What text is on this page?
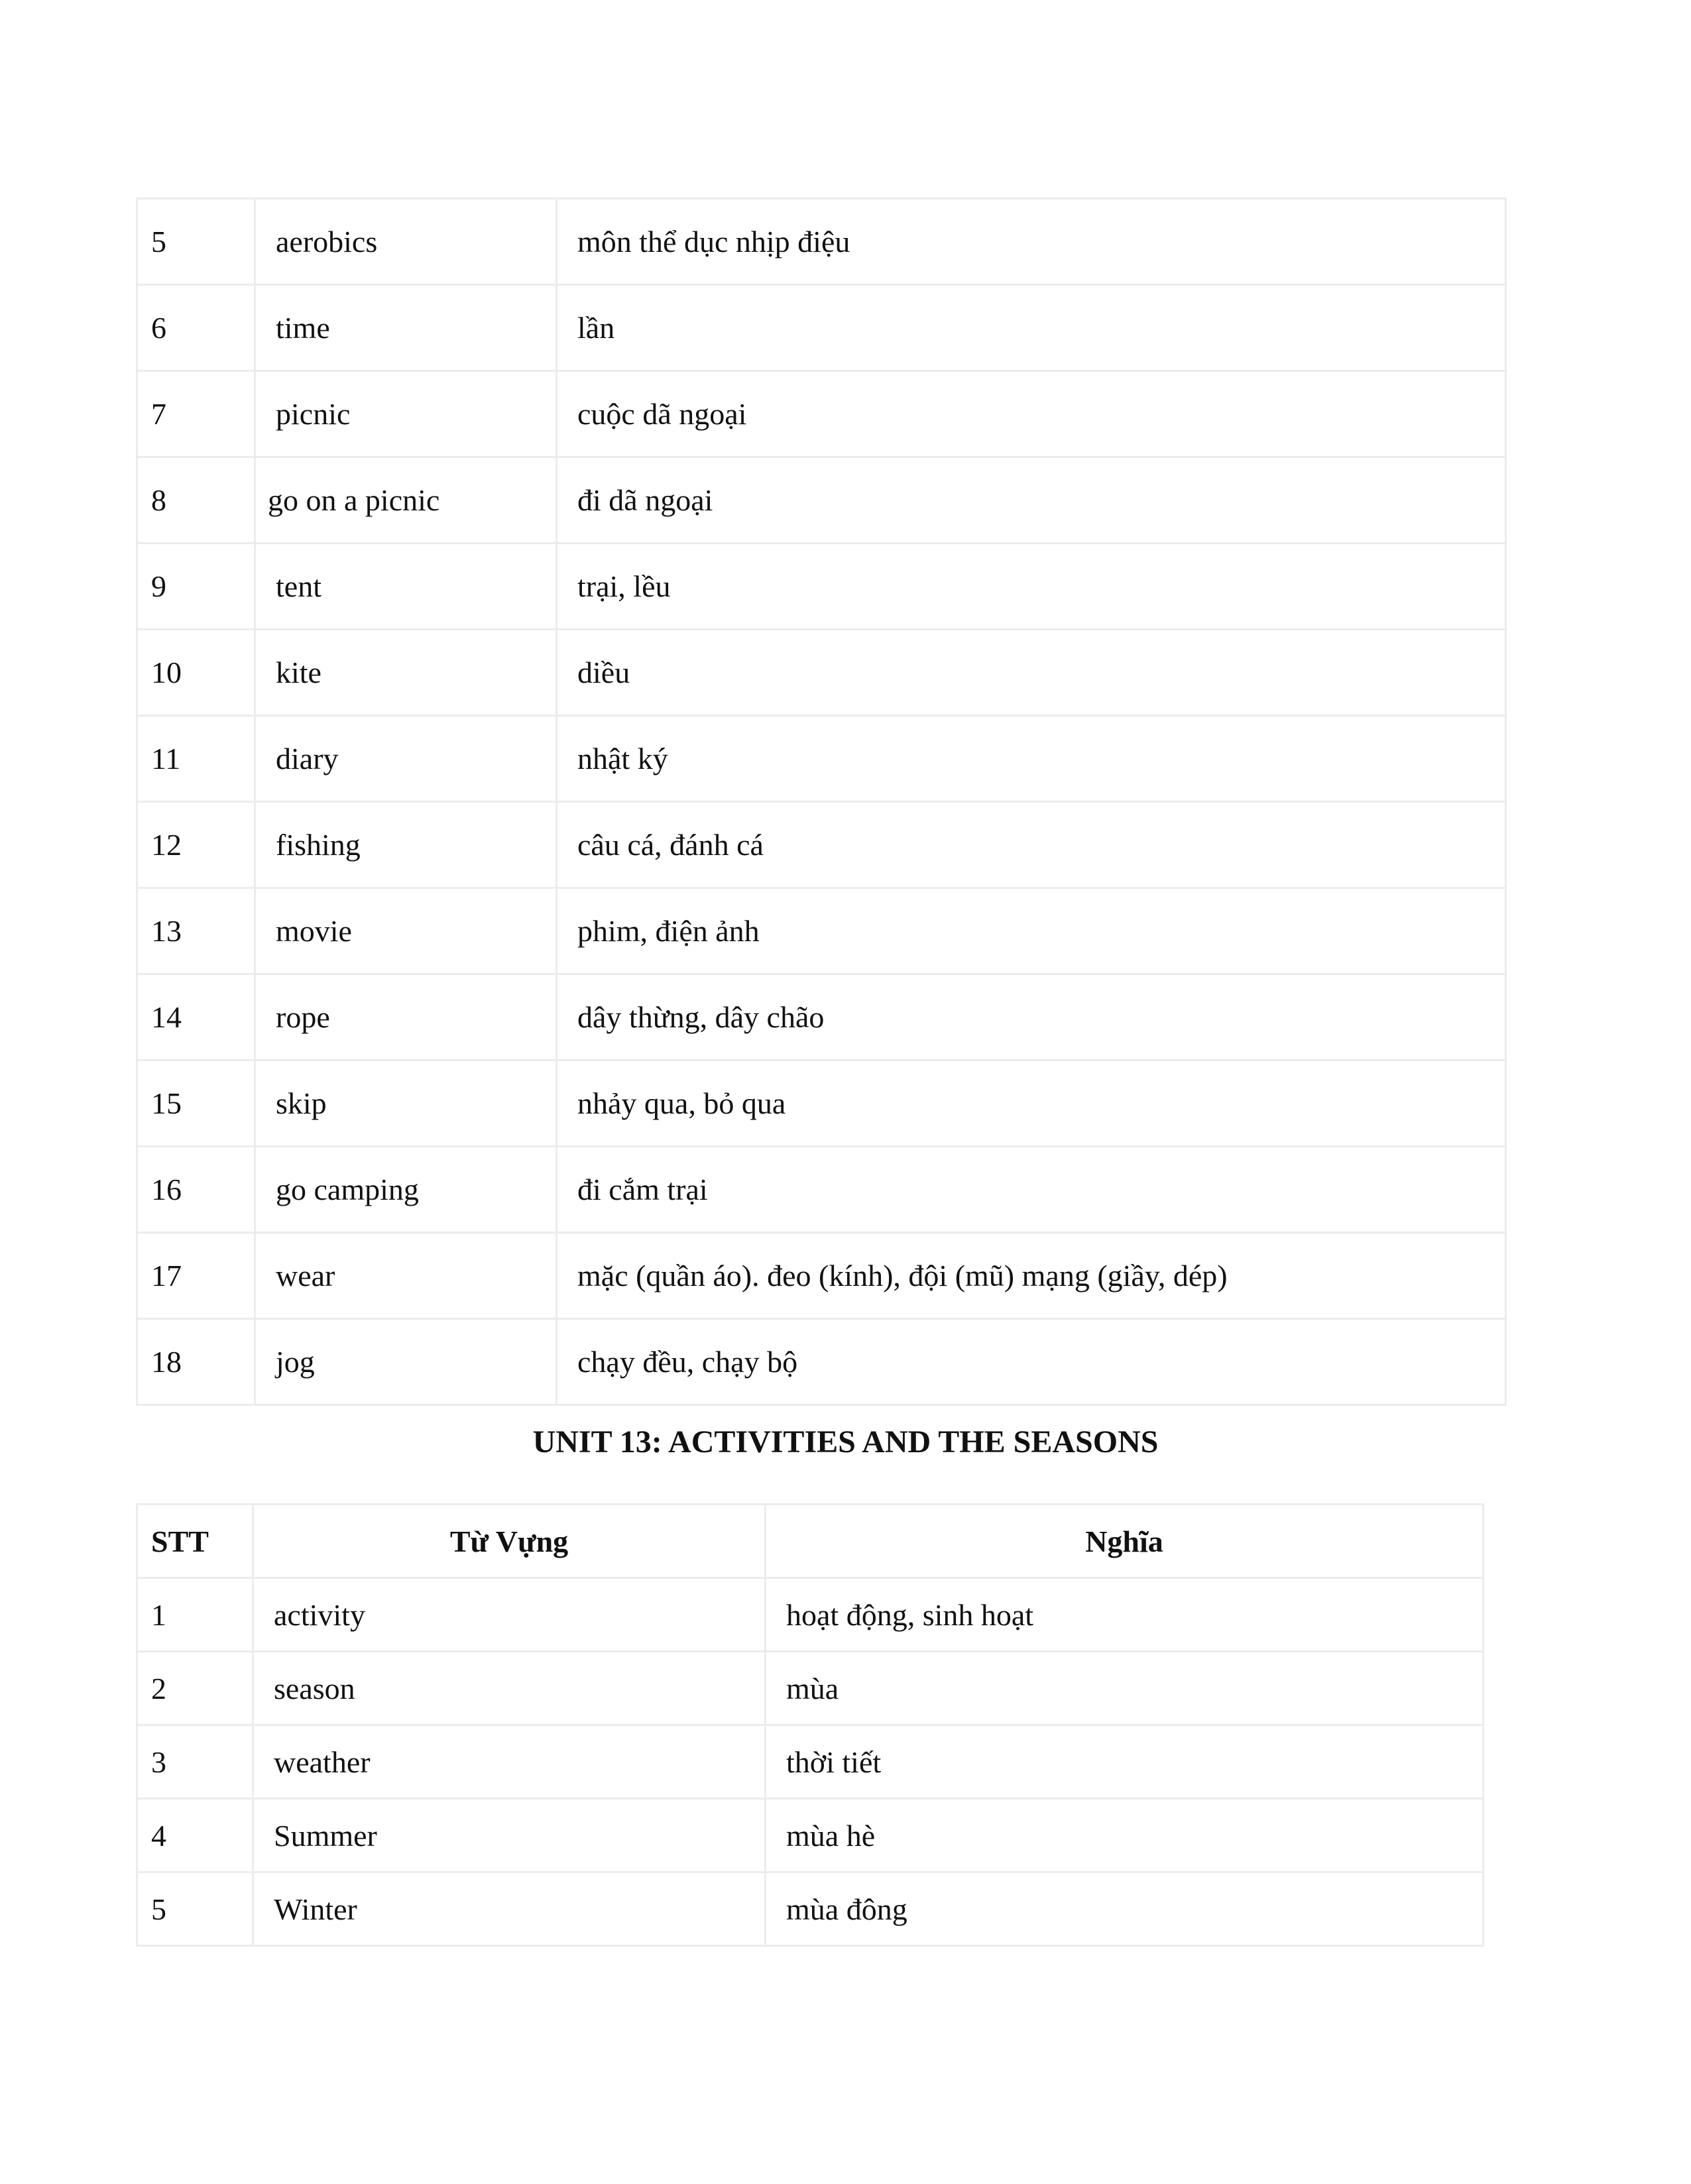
5	aerobics	môn thể dục nhịp điệu
6	time	lần
7	picnic	cuộc dã ngoại
8	go on a picnic	đi dã ngoại
9	tent	trại, lều
10	kite	diều
11	diary	nhật ký
12	fishing	câu cá, đánh cá
13	movie	phim, điện ảnh
14	rope	dây thừng, dây chão
15	skip	nhảy qua, bỏ qua
16	go camping	đi cắm trại
17	wear	mặc (quần áo). đeo (kính), đội (mũ) mạng (giầy, dép)
18	jog	chạy đều, chạy bộ
UNIT 13: ACTIVITIES AND THE SEASONS
STT	Từ Vựng	Nghĩa
1	activity	hoạt động, sinh hoạt
2	season	mùa
3	weather	thời tiết
4	Summer	mùa hè
5	Winter	mùa đông
